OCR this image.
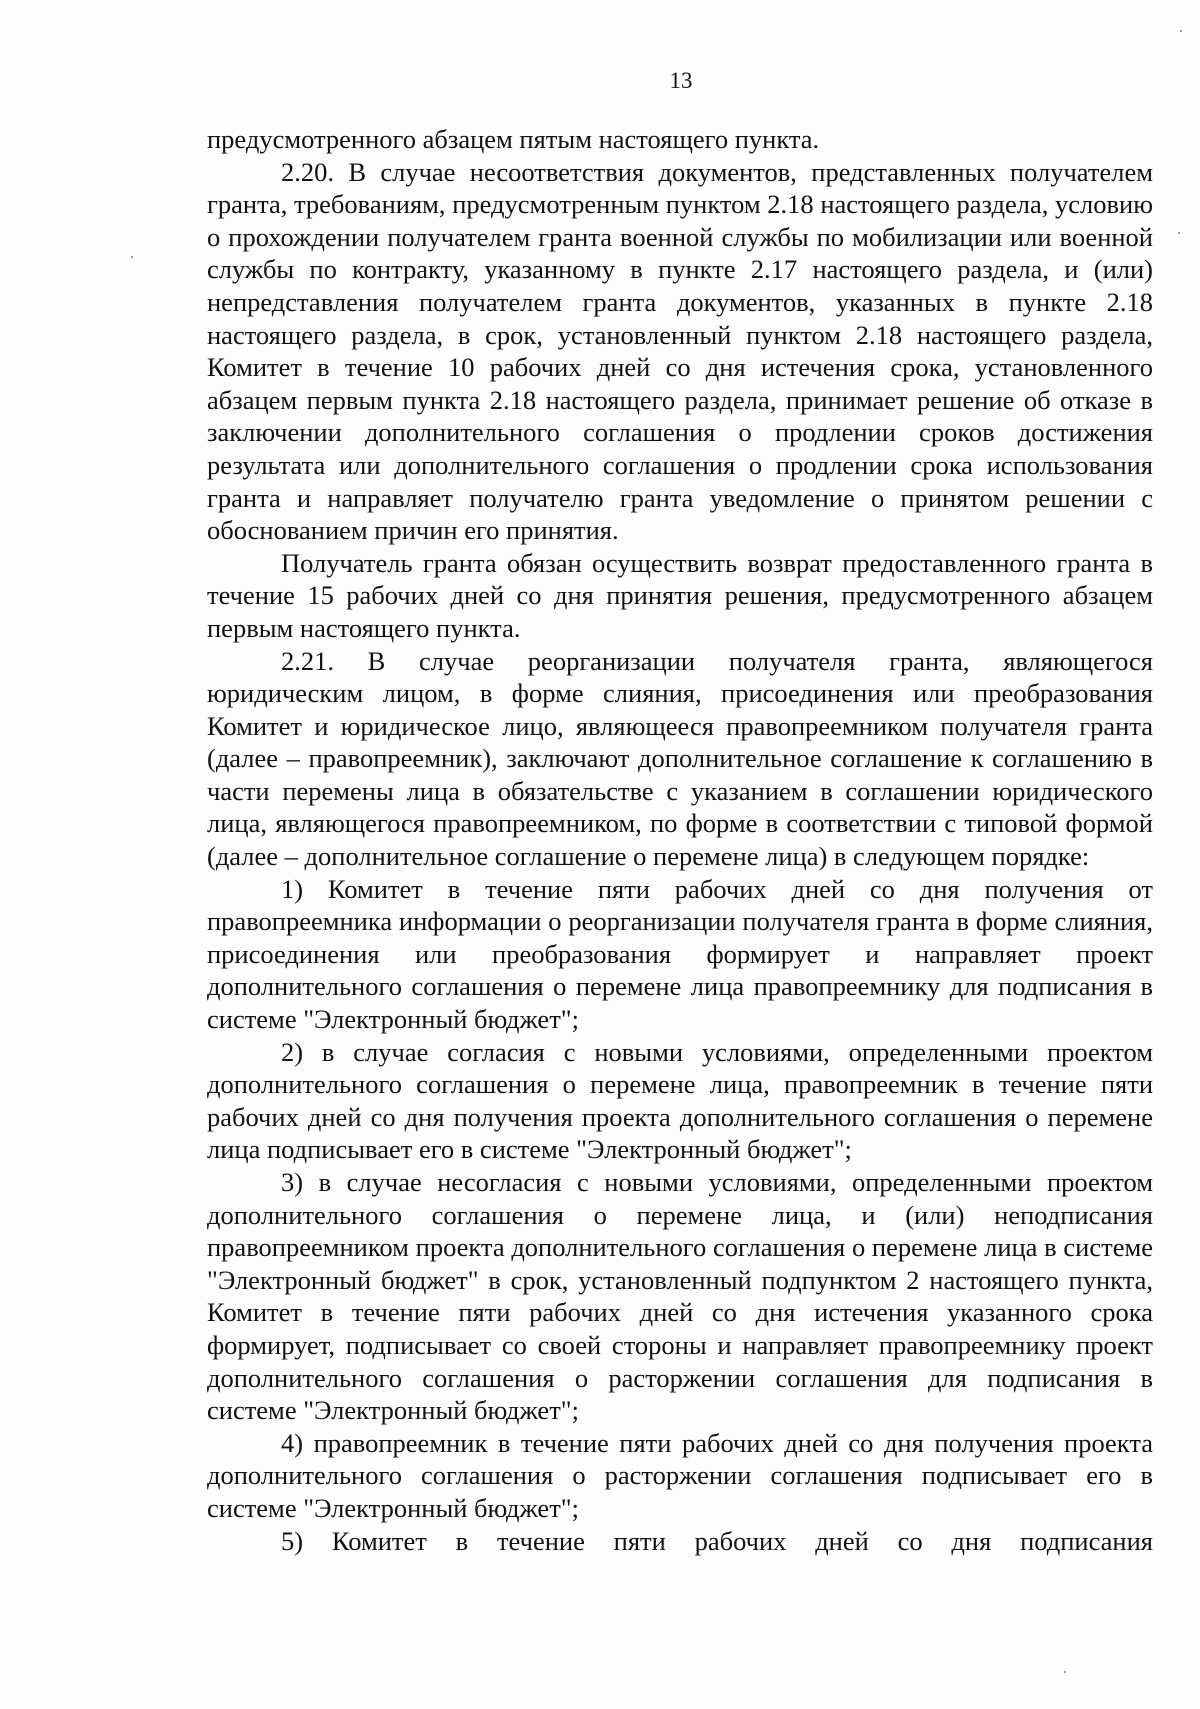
13

предусмотренного абзацем пятым настоящего пункта.

2.20. В случае несоответствия документов, представленных получателем гранта, требованиям, предусмотренным пунктом 2.18 настоящего раздела, условию о прохождении получателем гранта военной службы по мобилизации или военной службы по контракту, указанному в пункте 2.17 настоящего раздела, и (или) непредставления получателем гранта документов, указанных в пункте 2.18 настоящего раздела, в срок, установленный пунктом 2.18 настоящего раздела, Комитет в течение 10 рабочих дней со дня истечения срока, установленного абзацем первым пункта 2.18 настоящего раздела, принимает решение об отказе в заключении дополнительного соглашения о продлении сроков достижения результата или дополнительного соглашения о продлении срока использования гранта и направляет получателю гранта уведомление о принятом решении с обоснованием причин его принятия.

Получатель гранта обязан осуществить возврат предоставленного гранта в течение 15 рабочих дней со дня принятия решения, предусмотренного абзацем первым настоящего пункта.

2.21. В случае реорганизации получателя гранта, являющегося юридическим лицом, в форме слияния, присоединения или преобразования Комитет и юридическое лицо, являющееся правопреемником получателя гранта (далее – правопреемник), заключают дополнительное соглашение к соглашению в части перемены лица в обязательстве с указанием в соглашении юридического лица, являющегося правопреемником, по форме в соответствии с типовой формой (далее – дополнительное соглашение о перемене лица) в следующем порядке:

1) Комитет в течение пяти рабочих дней со дня получения от правопреемника информации о реорганизации получателя гранта в форме слияния, присоединения или преобразования формирует и направляет проект дополнительного соглашения о перемене лица правопреемнику для подписания в системе "Электронный бюджет";

2) в случае согласия с новыми условиями, определенными проектом дополнительного соглашения о перемене лица, правопреемник в течение пяти рабочих дней со дня получения проекта дополнительного соглашения о перемене лица подписывает его в системе "Электронный бюджет";

3) в случае несогласия с новыми условиями, определенными проектом дополнительного соглашения о перемене лица, и (или) неподписания правопреемником проекта дополнительного соглашения о перемене лица в системе "Электронный бюджет" в срок, установленный подпунктом 2 настоящего пункта, Комитет в течение пяти рабочих дней со дня истечения указанного срока формирует, подписывает со своей стороны и направляет правопреемнику проект дополнительного соглашения о расторжении соглашения для подписания в системе "Электронный бюджет";

4) правопреемник в течение пяти рабочих дней со дня получения проекта дополнительного соглашения о расторжении соглашения подписывает его в системе "Электронный бюджет";

5) Комитет в течение пяти рабочих дней со дня подписания
